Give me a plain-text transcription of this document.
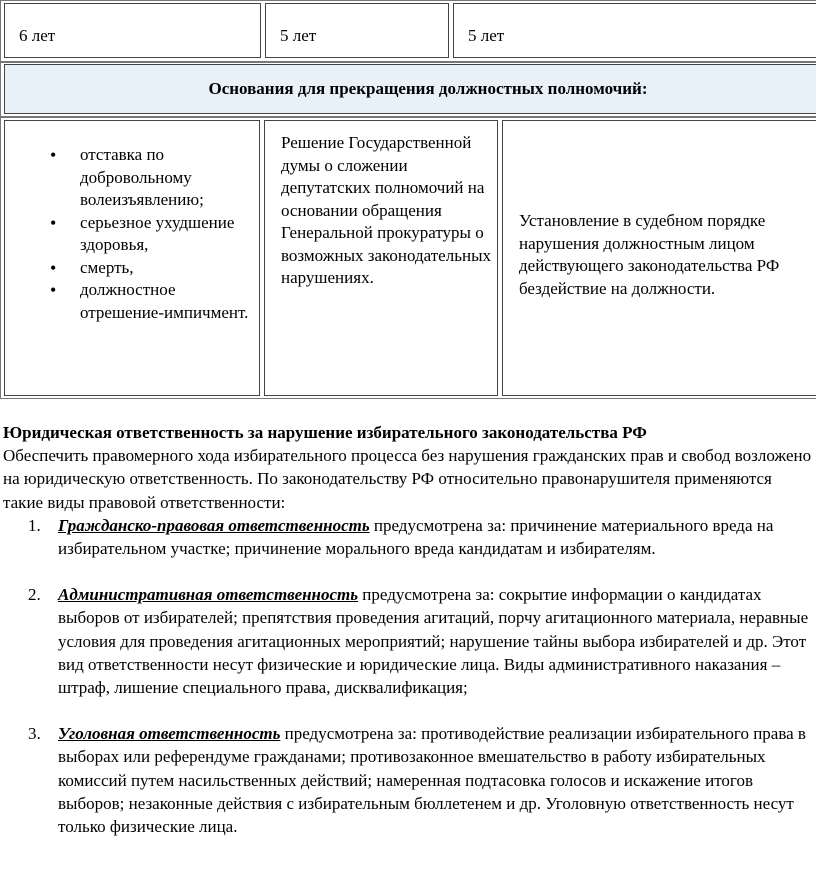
6 лет	5 лет	5 лет
Основания для прекращения должностных полномочий:
• отставка по добровольному волеизъявлению;
• серьезное ухудшение здоровья,
• смерть,
• должностное отрешение-импичмент.
Решение Государственной думы о сложении депутатских полномочий на основании обращения Генеральной прокуратуры о возможных законодательных нарушениях.
Установление в судебном порядке нарушения должностным лицом действующего законодательства РФ бездействие на должности.

Юридическая ответственность за нарушение избирательного законодательства РФ

Обеспечить правомерного хода избирательного процесса без нарушения гражданских прав и свобод возложено на юридическую ответственность. По законодательству РФ относительно правонарушителя применяются такие виды правовой ответственности:

1. Гражданско-правовая ответственность предусмотрена за: причинение материального вреда на избирательном участке; причинение морального вреда кандидатам и избирателям.
2. Административная ответственность предусмотрена за: сокрытие информации о кандидатах выборов от избирателей; препятствия проведения агитаций, порчу агитационного материала, неравные условия для проведения агитационных мероприятий; нарушение тайны выбора избирателей и др. Этот вид ответственности несут физические и юридические лица. Виды административного наказания – штраф, лишение специального права, дисквалификация;
3. Уголовная ответственность предусмотрена за: противодействие реализации избирательного права в выборах или референдуме гражданами; противозаконное вмешательство в работу избирательных комиссий путем насильственных действий; намеренная подтасовка голосов и искажение итогов выборов; незаконные действия с избирательным бюллетенем и др. Уголовную ответственность несут только физические лица.
